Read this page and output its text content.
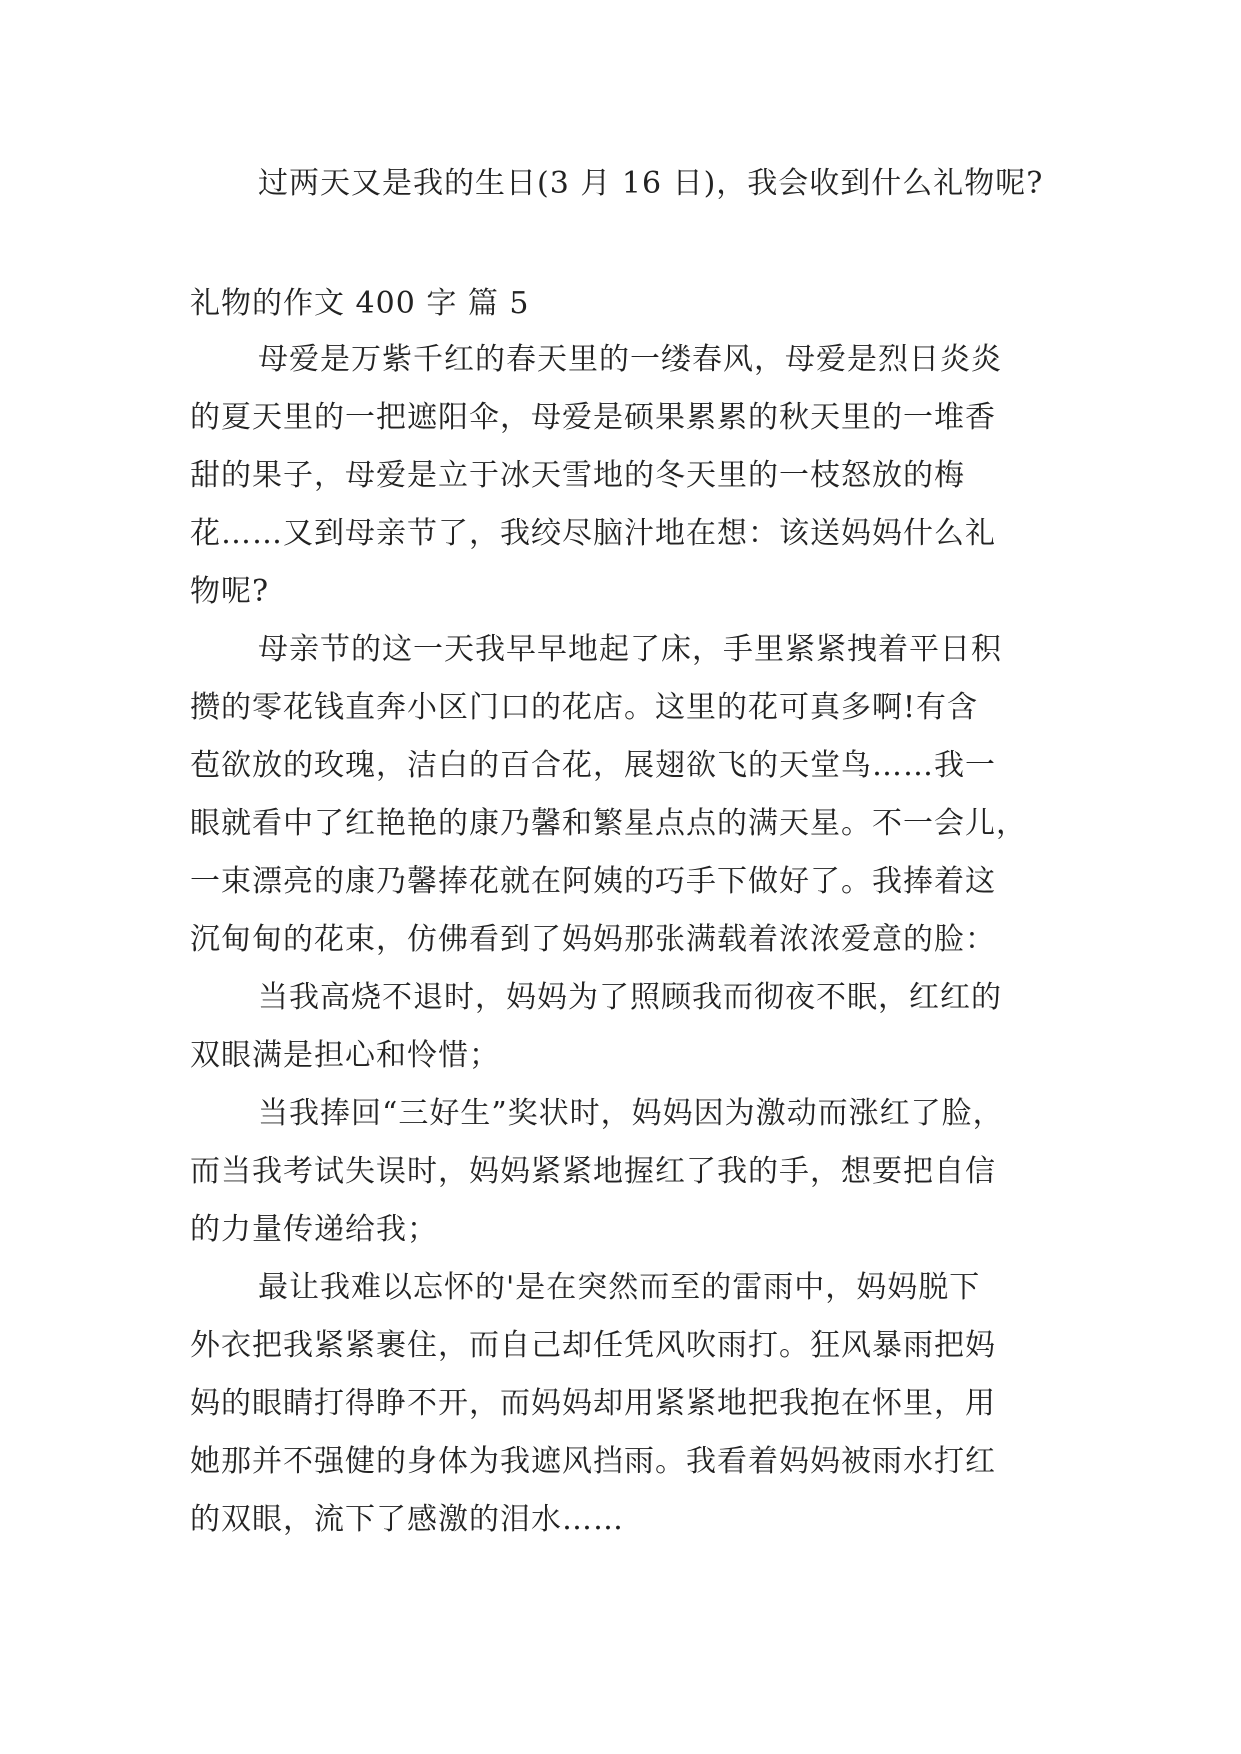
过两天又是我的生日(3 月 16 日)，我会收到什么礼物呢?
礼物的作文 400 字 篇 5
母爱是万紫千红的春天里的一缕春风，母爱是烈日炎炎
的夏天里的一把遮阳伞，母爱是硕果累累的秋天里的一堆香
甜的果子，母爱是立于冰天雪地的冬天里的一枝怒放的梅
花……又到母亲节了，我绞尽脑汁地在想：该送妈妈什么礼
物呢?
母亲节的这一天我早早地起了床，手里紧紧拽着平日积
攒的零花钱直奔小区门口的花店。这里的花可真多啊!有含
苞欲放的玫瑰，洁白的百合花，展翅欲飞的天堂鸟……我一
眼就看中了红艳艳的康乃馨和繁星点点的满天星。不一会儿，
一束漂亮的康乃馨捧花就在阿姨的巧手下做好了。我捧着这
沉甸甸的花束，仿佛看到了妈妈那张满载着浓浓爱意的脸：
当我高烧不退时，妈妈为了照顾我而彻夜不眠，红红的
双眼满是担心和怜惜；
当我捧回“三好生”奖状时，妈妈因为激动而涨红了脸，
而当我考试失误时，妈妈紧紧地握红了我的手，想要把自信
的力量传递给我；
最让我难以忘怀的'是在突然而至的雷雨中，妈妈脱下
外衣把我紧紧裹住，而自己却任凭风吹雨打。狂风暴雨把妈
妈的眼睛打得睁不开，而妈妈却用紧紧地把我抱在怀里，用
她那并不强健的身体为我遮风挡雨。我看着妈妈被雨水打红
的双眼，流下了感激的泪水……
